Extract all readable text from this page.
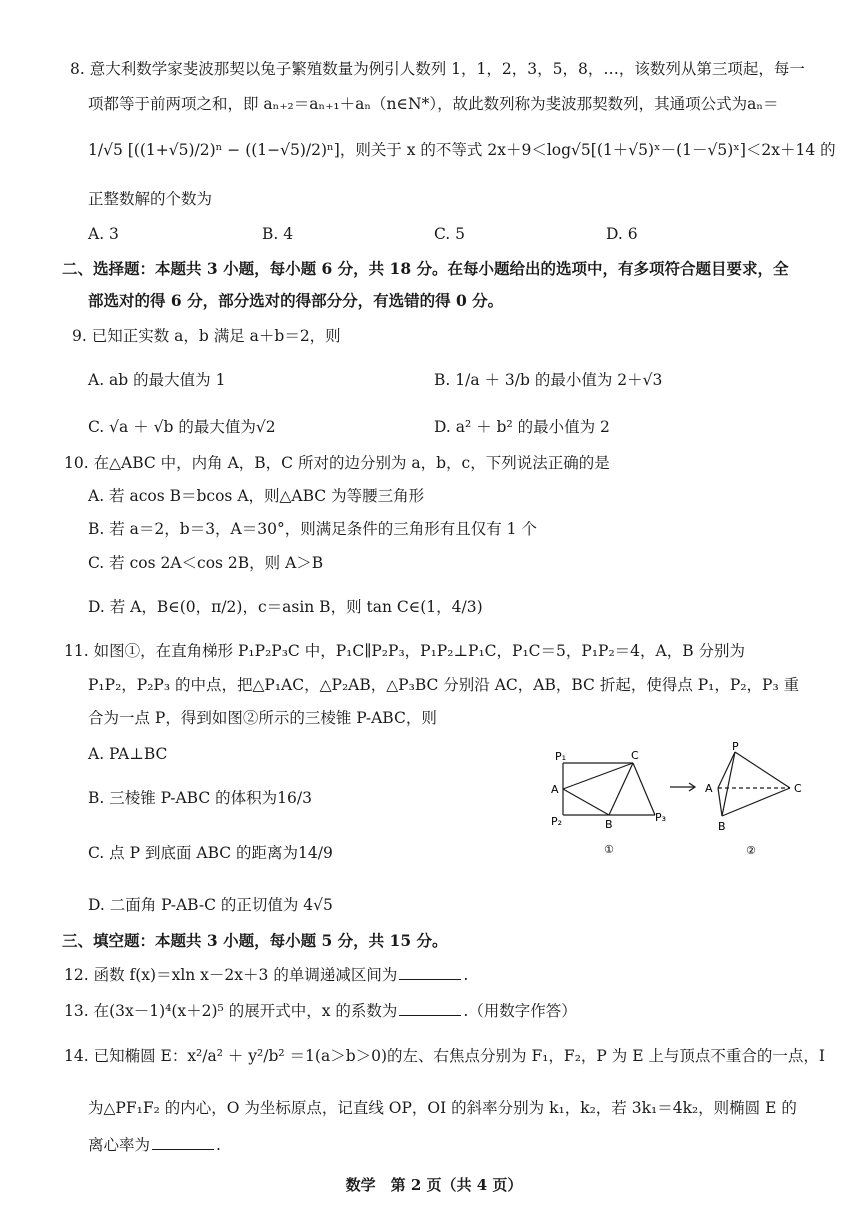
8. 意大利数学家斐波那契以兔子繁殖数量为例引人数列 1，1，2，3，5，8，…，该数列从第三项起，每一
项都等于前两项之和，即 aₙ₊₂＝aₙ₊₁＋aₙ（n∈N*），故此数列称为斐波那契数列，其通项公式为aₙ＝
1/√5 [((1+√5)/2)ⁿ − ((1−√5)/2)ⁿ]，则关于 x 的不等式 2x＋9＜log√5[(1＋√5)ˣ－(1－√5)ˣ]＜2x＋14 的
正整数解的个数为
A. 3	B. 4	C. 5	D. 6
二、选择题：本题共 3 小题，每小题 6 分，共 18 分。在每小题给出的选项中，有多项符合题目要求，全
部选对的得 6 分，部分选对的得部分分，有选错的得 0 分。
9. 已知正实数 a，b 满足 a＋b＝2，则
A. ab 的最大值为 1	B. 1/a ＋ 3/b 的最小值为 2＋√3
C. √a ＋ √b 的最大值为√2	D. a² ＋ b² 的最小值为 2
10. 在△ABC 中，内角 A，B，C 所对的边分别为 a，b，c，下列说法正确的是
A. 若 acos B＝bcos A，则△ABC 为等腰三角形
B. 若 a＝2，b＝3，A＝30°，则满足条件的三角形有且仅有 1 个
C. 若 cos 2A＜cos 2B，则 A＞B
D. 若 A，B∈(0，π/2)，c＝asin B，则 tan C∈(1，4/3)
11. 如图①，在直角梯形 P₁P₂P₃C 中，P₁C∥P₂P₃，P₁P₂⊥P₁C，P₁C＝5，P₁P₂＝4，A，B 分别为
P₁P₂，P₂P₃ 的中点，把△P₁AC，△P₂AB，△P₃BC 分别沿 AC，AB，BC 折起，使得点 P₁，P₂，P₃ 重
合为一点 P，得到如图②所示的三棱锥 P-ABC，则
A. PA⊥BC
B. 三棱锥 P-ABC 的体积为16/3
C. 点 P 到底面 ABC 的距离为14/9
D. 二面角 P-AB-C 的正切值为 4√5
P₁	C
A
P₂	B
P₃
①
P
A	C
B
②
三、填空题：本题共 3 小题，每小题 5 分，共 15 分。
12. 函数 f(x)＝xln x－2x＋3 的单调递减区间为	.
13. 在(3x－1)⁴(x＋2)⁵ 的展开式中，x 的系数为	.（用数字作答）
14. 已知椭圆 E：x²/a² ＋ y²/b² ＝1(a＞b＞0)的左、右焦点分别为 F₁，F₂，P 为 E 上与顶点不重合的一点，I
为△PF₁F₂ 的内心，O 为坐标原点，记直线 OP，OI 的斜率分别为 k₁，k₂，若 3k₁＝4k₂，则椭圆 E 的
离心率为	.
数学　第 2 页（共 4 页）
